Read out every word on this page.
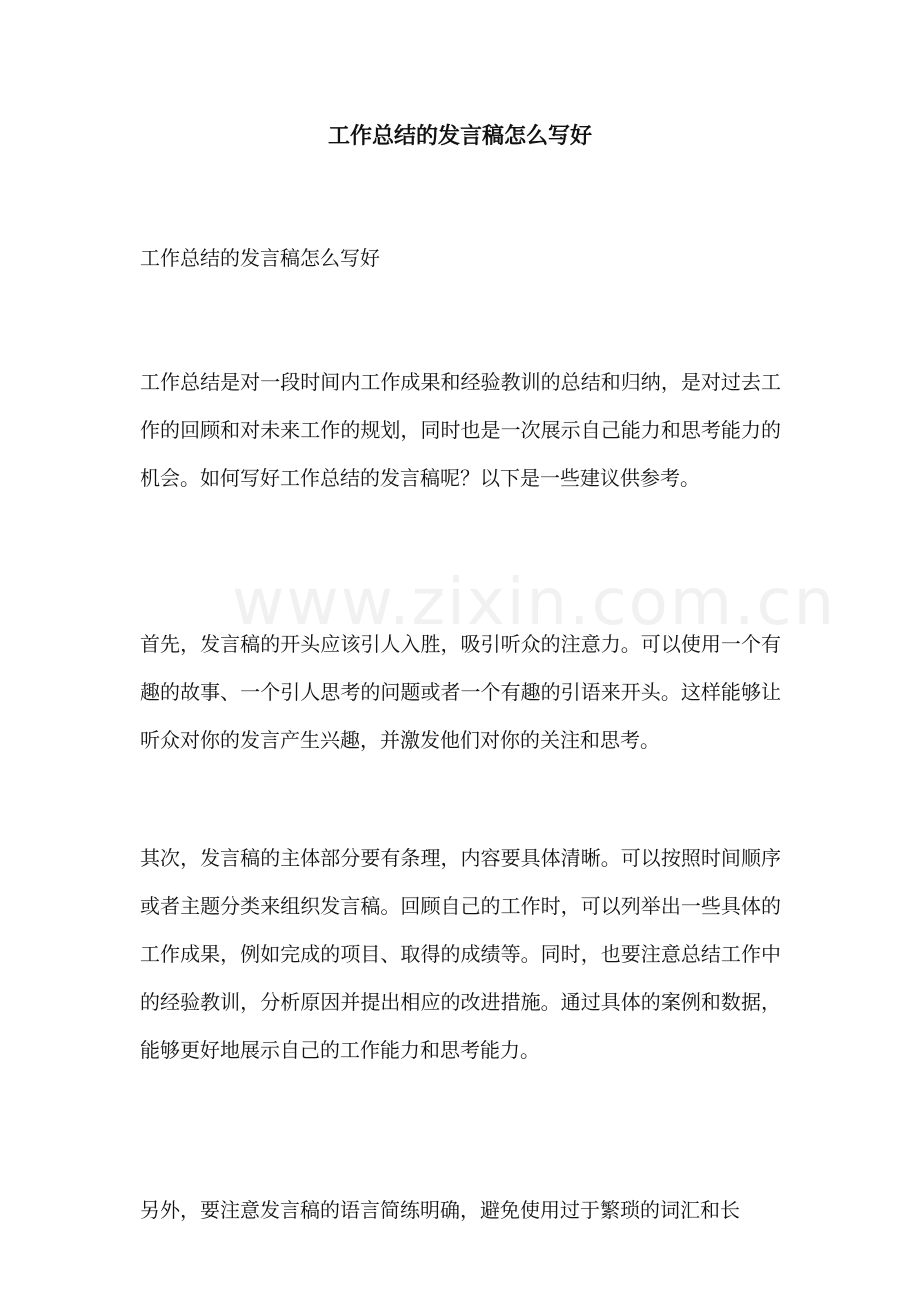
www.zixin.com.cn
工作总结的发言稿怎么写好

工作总结的发言稿怎么写好

工作总结是对一段时间内工作成果和经验教训的总结和归纳，是对过去工作的回顾和对未来工作的规划，同时也是一次展示自己能力和思考能力的机会。如何写好工作总结的发言稿呢？以下是一些建议供参考。

首先，发言稿的开头应该引人入胜，吸引听众的注意力。可以使用一个有趣的故事、一个引人思考的问题或者一个有趣的引语来开头。这样能够让听众对你的发言产生兴趣，并激发他们对你的关注和思考。

其次，发言稿的主体部分要有条理，内容要具体清晰。可以按照时间顺序或者主题分类来组织发言稿。回顾自己的工作时，可以列举出一些具体的工作成果，例如完成的项目、取得的成绩等。同时，也要注意总结工作中的经验教训，分析原因并提出相应的改进措施。通过具体的案例和数据，能够更好地展示自己的工作能力和思考能力。

另外，要注意发言稿的语言简练明确，避免使用过于繁琐的词汇和长
